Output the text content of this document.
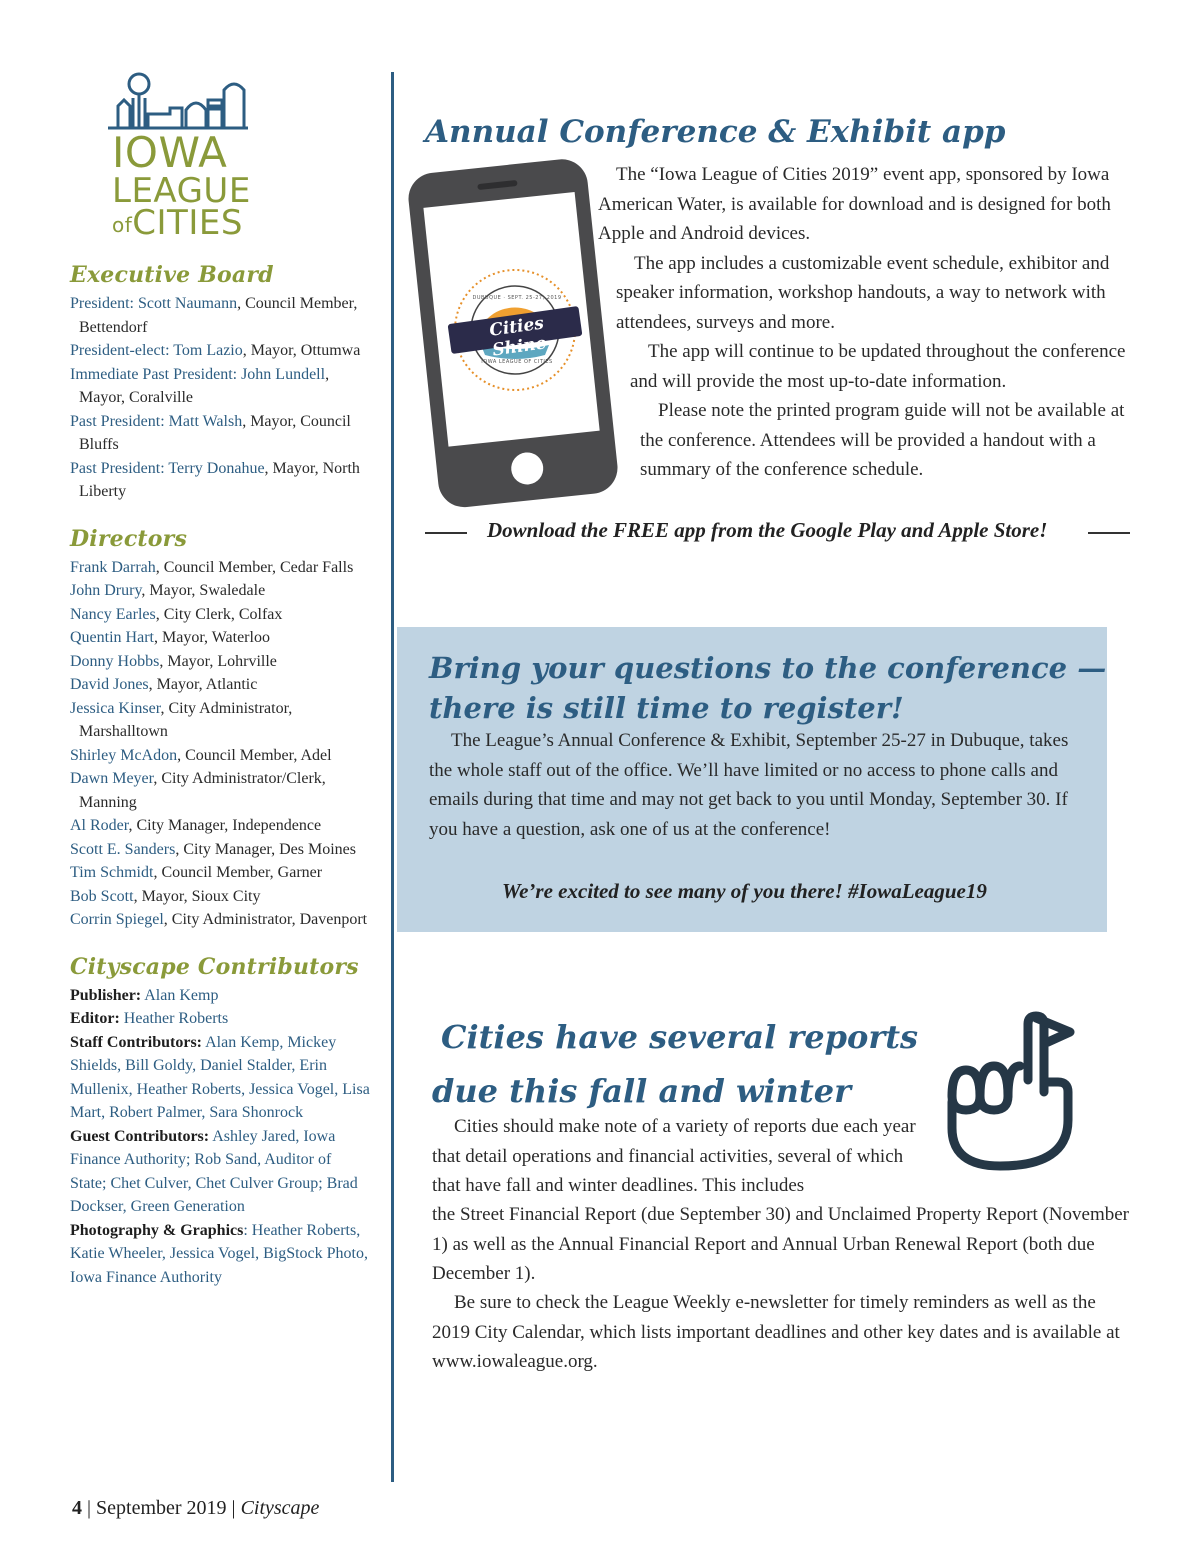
IOWA
LEAGUE
ofCITIES
Executive Board
President: Scott Naumann, Council Member, Bettendorf
President-elect: Tom Lazio, Mayor, Ottumwa
Immediate Past President: John Lundell, Mayor, Coralville
Past President: Matt Walsh, Mayor, Council Bluffs
Past President: Terry Donahue, Mayor, North Liberty
Directors
Frank Darrah, Council Member, Cedar Falls
John Drury, Mayor, Swaledale
Nancy Earles, City Clerk, Colfax
Quentin Hart, Mayor, Waterloo
Donny Hobbs, Mayor, Lohrville
David Jones, Mayor, Atlantic
Jessica Kinser, City Administrator, Marshalltown
Shirley McAdon, Council Member, Adel
Dawn Meyer, City Administrator/Clerk, Manning
Al Roder, City Manager, Independence
Scott E. Sanders, City Manager, Des Moines
Tim Schmidt, Council Member, Garner
Bob Scott, Mayor, Sioux City
Corrin Spiegel, City Administrator, Davenport
Cityscape Contributors
Publisher: Alan Kemp
Editor: Heather Roberts
Staff Contributors: Alan Kemp, Mickey Shields, Bill Goldy, Daniel Stalder, Erin Mullenix, Heather Roberts, Jessica Vogel, Lisa Mart, Robert Palmer, Sara Shonrock
Guest Contributors: Ashley Jared, Iowa Finance Authority; Rob Sand, Auditor of State; Chet Culver, Chet Culver Group; Brad Dockser, Green Generation
Photography & Graphics: Heather Roberts, Katie Wheeler, Jessica Vogel, BigStock Photo, Iowa Finance Authority
Annual Conference & Exhibit app
Cities Shine
DUBUQUE · SEPT. 25-27, 2019
IOWA LEAGUE OF CITIES

The “Iowa League of Cities 2019” event app, sponsored by Iowa American Water, is available for download and is designed for both Apple and Android devices.

The app includes a customizable event schedule, exhibitor and speaker information, workshop handouts, a way to network with attendees, surveys and more.

The app will continue to be updated throughout the conference and will provide the most up-to-date information.

Please note the printed program guide will not be available at the conference. Attendees will be provided a handout with a summary of the conference schedule.

Download the FREE app from the Google Play and Apple Store!
Bring your questions to the conference —
there is still time to register!

The League’s Annual Conference & Exhibit, September 25-27 in Dubuque, takes the whole staff out of the office. We’ll have limited or no access to phone calls and emails during that time and may not get back to you until Monday, September 30. If you have a question, ask one of us at the conference!

We’re excited to see many of you there! #IowaLeague19
Cities have several reports
due this fall and winter
Cities should make note of a variety of reports due each year that detail operations and financial activities, several of which that have fall and winter deadlines. This includes
the Street Financial Report (due September 30) and Unclaimed Property Report (November 1) as well as the Annual Financial Report and Annual Urban Renewal Report (both due December 1).
Be sure to check the League Weekly e-newsletter for timely reminders as well as the 2019 City Calendar, which lists important deadlines and other key dates and is available at www.iowaleague.org.
4 | September 2019 | Cityscape
